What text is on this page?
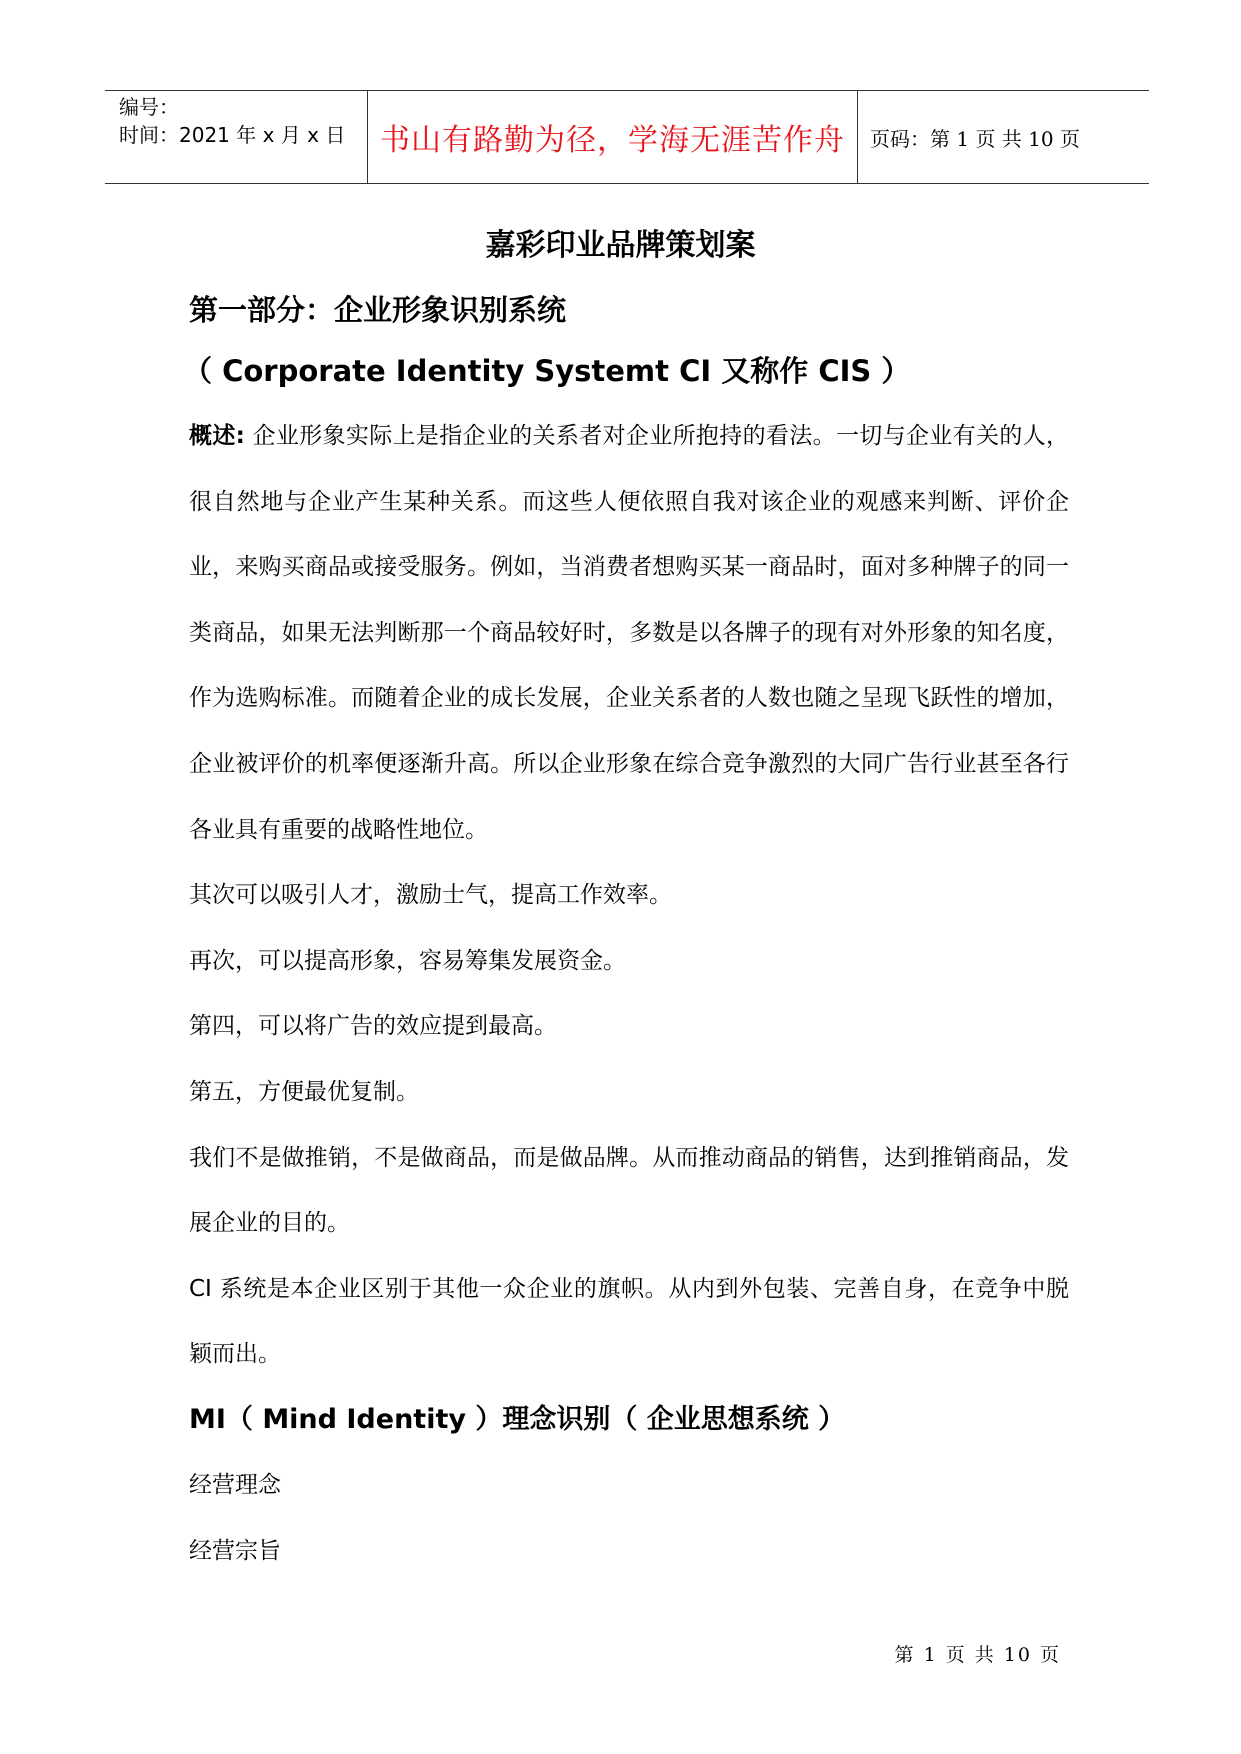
编号：
时间：2021 年 x 月 x 日	书山有路勤为径，学海无涯苦作舟	页码：第 1 页 共 10 页
嘉彩印业品牌策划案
第一部分：企业形象识别系统
（ Corporate Identity Systemt CI 又称作 CIS ）

概述: 企业形象实际上是指企业的关系者对企业所抱持的看法。一切与企业有关的人，很自然地与企业产生某种关系。而这些人便依照自我对该企业的观感来判断、评价企业，来购买商品或接受服务。例如，当消费者想购买某一商品时，面对多种牌子的同一类商品，如果无法判断那一个商品较好时，多数是以各牌子的现有对外形象的知名度，作为选购标准。而随着企业的成长发展，企业关系者的人数也随之呈现飞跃性的增加，企业被评价的机率便逐渐升高。所以企业形象在综合竞争激烈的大同广告行业甚至各行各业具有重要的战略性地位。

其次可以吸引人才，激励士气，提高工作效率。

再次，可以提高形象，容易筹集发展资金。

第四，可以将广告的效应提到最高。

第五，方便最优复制。

我们不是做推销，不是做商品，而是做品牌。从而推动商品的销售，达到推销商品，发展企业的目的。

CI 系统是本企业区别于其他一众企业的旗帜。从内到外包装、完善自身，在竞争中脱颖而出。

MI（ Mind Identity ）理念识别（ 企业思想系统 ）

经营理念

经营宗旨

第 1 页 共 10 页
